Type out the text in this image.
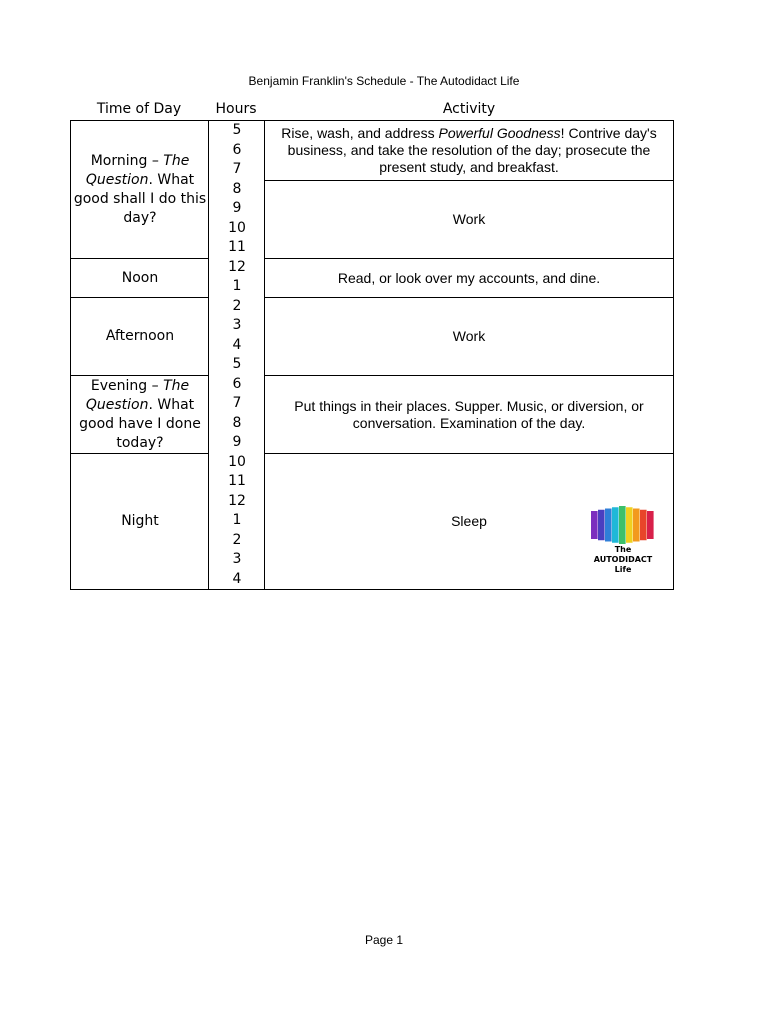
Benjamin Franklin's Schedule - The Autodidact Life
Time of Day	Hours	Activity
Morning – The Question. What good shall I do this day?
Noon
Afternoon
Evening – The Question. What good have I done today?
Night
5
6
7
8
9
10
11
12
1
2
3
4
5
6
7
8
9
10
11
12
1
2
3
4
Rise, wash, and address Powerful Goodness! Contrive day's business, and take the resolution of the day; prosecute the present study, and breakfast.
Work
Read, or look over my accounts, and dine.
Work
Put things in their places. Supper. Music, or diversion, or conversation. Examination of the day.
Sleep
The
AUTODIDACT
Life
Page 1
